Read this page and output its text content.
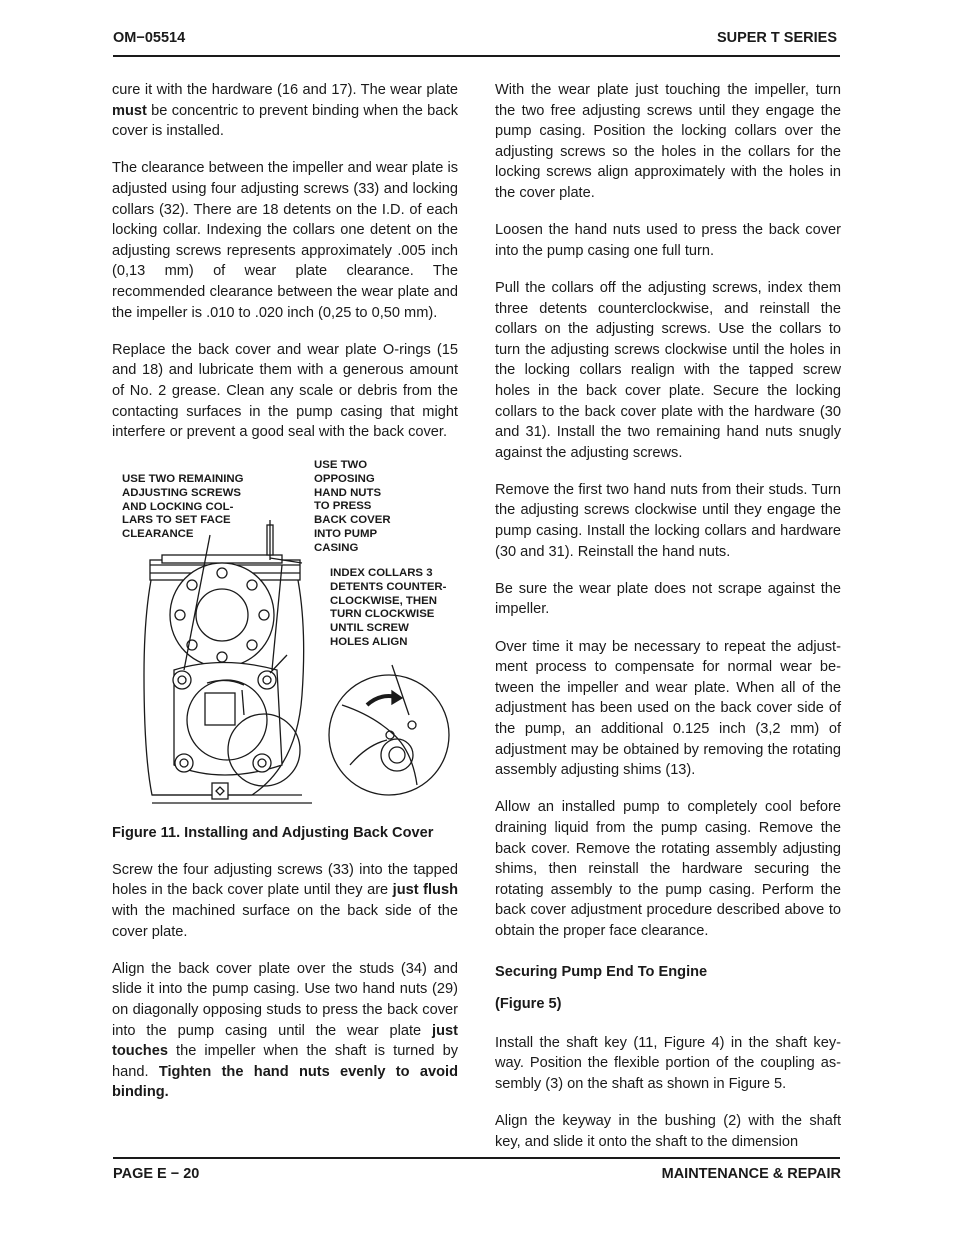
OM−05514	SUPER T SERIES

cure it with the hardware (16 and 17). The wear plate must be concentric to prevent binding when the back cover is installed.

The clearance between the impeller and wear plate is adjusted using four adjusting screws (33) and locking collars (32). There are 18 detents on the I.D. of each locking collar. Indexing the collars one detent on the adjusting screws represents approximately .005 inch (0,13 mm) of wear plate clearance. The recommended clearance between the wear plate and the impeller is .010 to .020 inch (0,25 to 0,50 mm).

Replace the back cover and wear plate O-rings (15 and 18) and lubricate them with a generous amount of No. 2 grease. Clean any scale or debris from the contacting surfaces in the pump casing that might interfere or prevent a good seal with the back cover.

USE TWO REMAINING
ADJUSTING SCREWS
AND LOCKING COL-
LARS TO SET FACE
CLEARANCE
USE TWO
OPPOSING
HAND NUTS
TO PRESS
BACK COVER
INTO PUMP
CASING
INDEX COLLARS 3
DETENTS COUNTER-
CLOCKWISE, THEN
TURN CLOCKWISE
UNTIL SCREW
HOLES ALIGN

Figure 11. Installing and Adjusting Back Cover

Screw the four adjusting screws (33) into the tapped holes in the back cover plate until they are just flush with the machined surface on the back side of the cover plate.

Align the back cover plate over the studs (34) and slide it into the pump casing. Use two hand nuts (29) on diagonally opposing studs to press the back cover into the pump casing until the wear plate just touches the impeller when the shaft is turned by hand. Tighten the hand nuts evenly to avoid binding.

With the wear plate just touching the impeller, turn the two free adjusting screws until they engage the pump casing. Position the locking collars over the adjusting screws so the holes in the collars for the locking screws align approximately with the holes in the cover plate.

Loosen the hand nuts used to press the back cover into the pump casing one full turn.

Pull the collars off the adjusting screws, index them three detents counterclockwise, and reinstall the collars on the adjusting screws. Use the collars to turn the adjusting screws clockwise until the holes in the locking collars realign with the tapped screw holes in the back cover plate. Secure the locking collars to the back cover plate with the hardware (30 and 31). Install the two remaining hand nuts snugly against the adjusting screws.

Remove the first two hand nuts from their studs. Turn the adjusting screws clockwise until they engage the pump casing. Install the locking collars and hardware (30 and 31). Reinstall the hand nuts.

Be sure the wear plate does not scrape against the impeller.

Over time it may be necessary to repeat the adjustment process to compensate for normal wear between the impeller and wear plate. When all of the adjustment has been used on the back cover side of the pump, an additional 0.125 inch (3,2 mm) of adjustment may be obtained by removing the rotating assembly adjusting shims (13).

Allow an installed pump to completely cool before draining liquid from the pump casing. Remove the back cover. Remove the rotating assembly adjusting shims, then reinstall the hardware securing the rotating assembly to the pump casing. Perform the back cover adjustment procedure described above to obtain the proper face clearance.

Securing Pump End To Engine

(Figure 5)

Install the shaft key (11, Figure 4) in the shaft keyway. Position the flexible portion of the coupling assembly (3) on the shaft as shown in Figure 5.

Align the keyway in the bushing (2) with the shaft key, and slide it onto the shaft to the dimension

PAGE E − 20	MAINTENANCE & REPAIR
